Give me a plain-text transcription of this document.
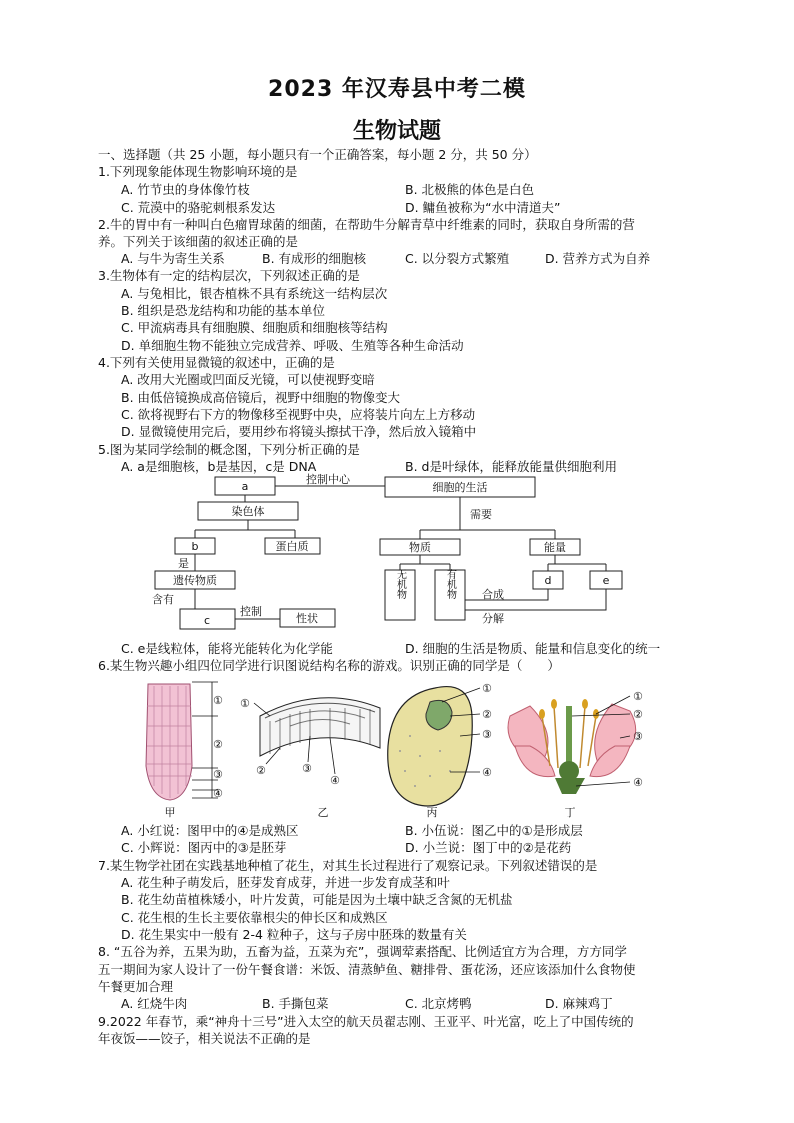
2023 年汉寿县中考二模
生物试题
一、选择题（共 25 小题，每小题只有一个正确答案，每小题 2 分，共 50 分）
1.下列现象能体现生物影响环境的是
A. 竹节虫的身体像竹枝	B. 北极熊的体色是白色
C. 荒漠中的骆驼刺根系发达	D. 鳙鱼被称为“水中清道夫”
2.牛的胃中有一种叫白色瘤胃球菌的细菌，在帮助牛分解青草中纤维素的同时，获取自身所需的营
养。下列关于该细菌的叙述正确的是
A. 与牛为寄生关系	B. 有成形的细胞核	C. 以分裂方式繁殖	D. 营养方式为自养
3.生物体有一定的结构层次，下列叙述正确的是
A. 与兔相比，银杏植株不具有系统这一结构层次
B. 组织是恐龙结构和功能的基本单位
C. 甲流病毒具有细胞膜、细胞质和细胞核等结构
D. 单细胞生物不能独立完成营养、呼吸、生殖等各种生命活动
4.下列有关使用显微镜的叙述中，正确的是
A. 改用大光圈或凹面反光镜，可以使视野变暗
B. 由低倍镜换成高倍镜后，视野中细胞的物像变大
C. 欲将视野右下方的物像移至视野中央，应将装片向左上方移动
D. 显微镜使用完后，要用纱布将镜头擦拭干净，然后放入镜箱中
5.图为某同学绘制的概念图，下列分析正确的是
A. a是细胞核，b是基因，c是 DNA	B. d是叶绿体，能释放能量供细胞利用
a
控制中心
细胞的生活
染色体	需要
b	蛋白质
是
物质	能量
遗传物质	d	e
含有
c
控制
性状
合成
分解
无机物	有机物
C. e是线粒体，能将光能转化为化学能	D. 细胞的生活是物质、能量和信息变化的统一
6.某生物兴趣小组四位同学进行识图说结构名称的游戏。识别正确的同学是（　　）
①
②
③
④
甲
①
②	③
④
乙
①
②
③
④
丙
①
②
③
④
丁
A. 小红说：图甲中的④是成熟区	B. 小伍说：图乙中的①是形成层
C. 小辉说：图丙中的③是胚芽	D. 小兰说：图丁中的②是花药
7.某生物学社团在实践基地种植了花生，对其生长过程进行了观察记录。下列叙述错误的是
A. 花生种子萌发后，胚芽发育成芽，并进一步发育成茎和叶
B. 花生幼苗植株矮小，叶片发黄，可能是因为土壤中缺乏含氮的无机盐
C. 花生根的生长主要依靠根尖的伸长区和成熟区
D. 花生果实中一般有 2-4 粒种子，这与子房中胚珠的数量有关
8. “五谷为养，五果为助，五畜为益，五菜为充”，强调荤素搭配、比例适宜方为合理，方方同学
五一期间为家人设计了一份午餐食谱：米饭、清蒸鲈鱼、糖排骨、蛋花汤，还应该添加什么食物使
午餐更加合理
A. 红烧牛肉	B. 手撕包菜	C. 北京烤鸭	D. 麻辣鸡丁
9.2022 年春节，乘“神舟十三号”进入太空的航天员翟志刚、王亚平、叶光富，吃上了中国传统的
年夜饭——饺子，相关说法不正确的是
